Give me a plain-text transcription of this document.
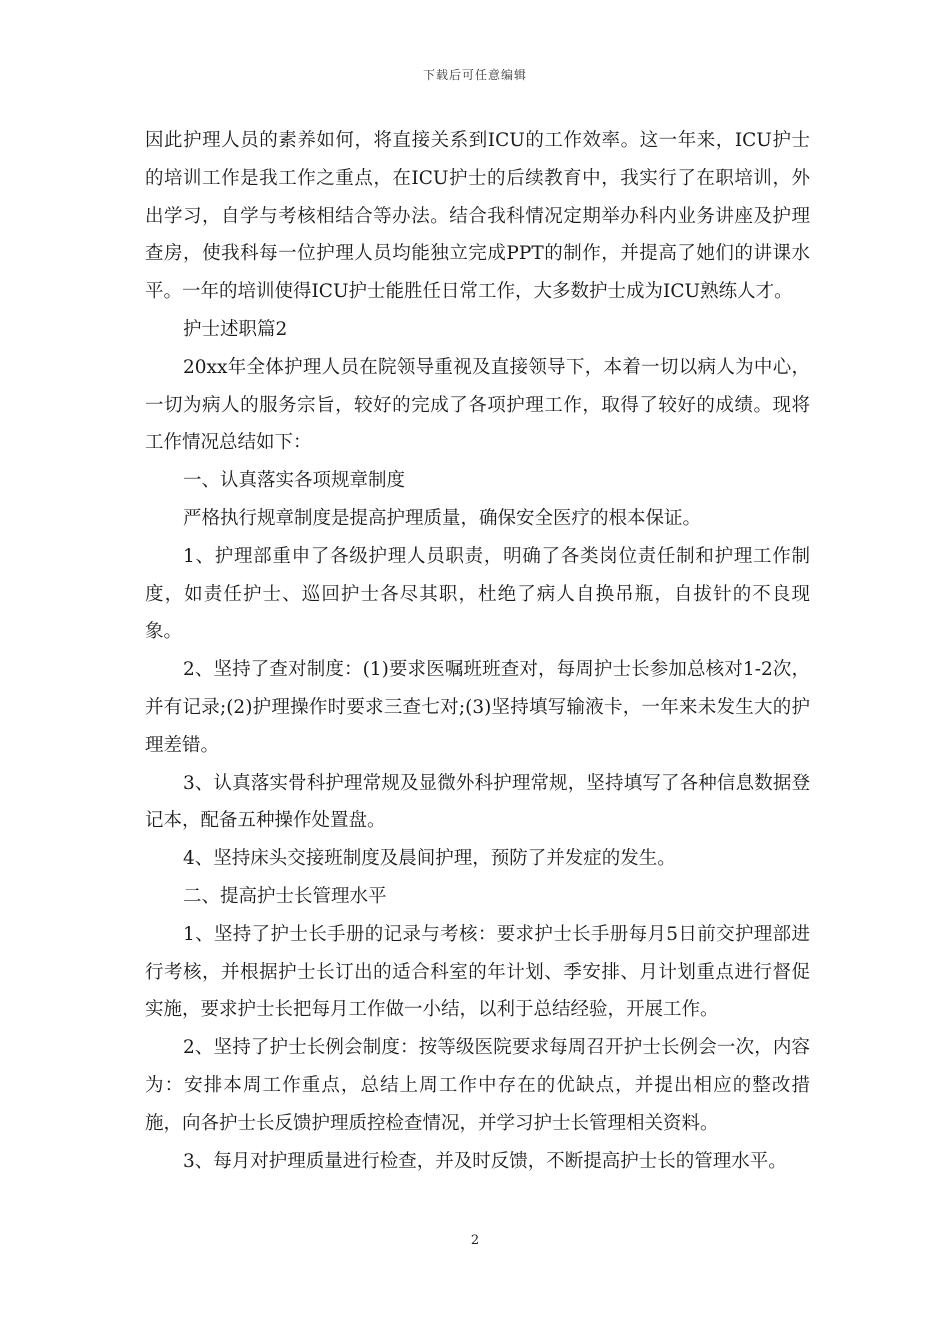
下载后可任意编辑

因此护理人员的素养如何，将直接关系到ICU的工作效率。这一年来，ICU护士的培训工作是我工作之重点，在ICU护士的后续教育中，我实行了在职培训，外出学习，自学与考核相结合等办法。结合我科情况定期举办科内业务讲座及护理查房，使我科每一位护理人员均能独立完成PPT的制作，并提高了她们的讲课水平。一年的培训使得ICU护士能胜任日常工作，大多数护士成为ICU熟练人才。

护士述职篇2

20xx年全体护理人员在院领导重视及直接领导下，本着一切以病人为中心，一切为病人的服务宗旨，较好的完成了各项护理工作，取得了较好的成绩。现将工作情况总结如下：

一、认真落实各项规章制度

严格执行规章制度是提高护理质量，确保安全医疗的根本保证。

1、护理部重申了各级护理人员职责，明确了各类岗位责任制和护理工作制度，如责任护士、巡回护士各尽其职，杜绝了病人自换吊瓶，自拔针的不良现象。

2、坚持了查对制度：(1)要求医嘱班班查对，每周护士长参加总核对1-2次，并有记录;(2)护理操作时要求三查七对;(3)坚持填写输液卡，一年来未发生大的护理差错。

3、认真落实骨科护理常规及显微外科护理常规，坚持填写了各种信息数据登记本，配备五种操作处置盘。

4、坚持床头交接班制度及晨间护理，预防了并发症的发生。

二、提高护士长管理水平

1、坚持了护士长手册的记录与考核：要求护士长手册每月5日前交护理部进行考核，并根据护士长订出的适合科室的年计划、季安排、月计划重点进行督促实施，要求护士长把每月工作做一小结，以利于总结经验，开展工作。

2、坚持了护士长例会制度：按等级医院要求每周召开护士长例会一次，内容为：安排本周工作重点，总结上周工作中存在的优缺点，并提出相应的整改措施，向各护士长反馈护理质控检查情况，并学习护士长管理相关资料。

3、每月对护理质量进行检查，并及时反馈，不断提高护士长的管理水平。

2
